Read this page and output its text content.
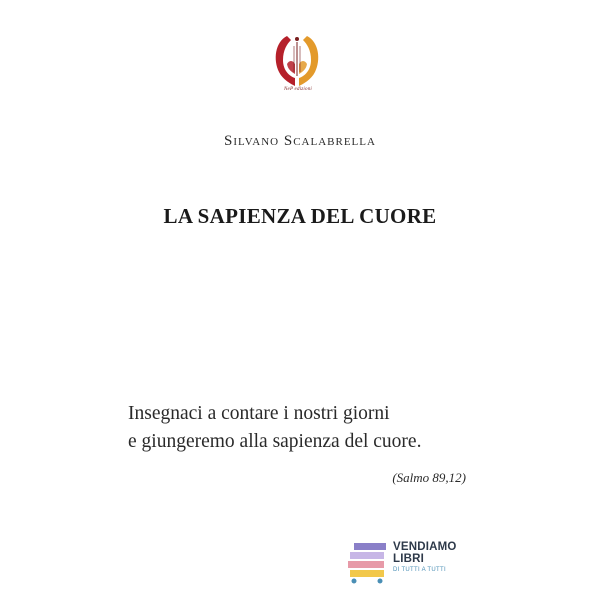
NeP edizioni
Silvano Scalabrella
LA SAPIENZA DEL CUORE
Insegnaci a contare i nostri giorni
e giungeremo alla sapienza del cuore.
(Salmo 89,12)
VENDIAMO
LIBRI
DI TUTTI A TUTTI
